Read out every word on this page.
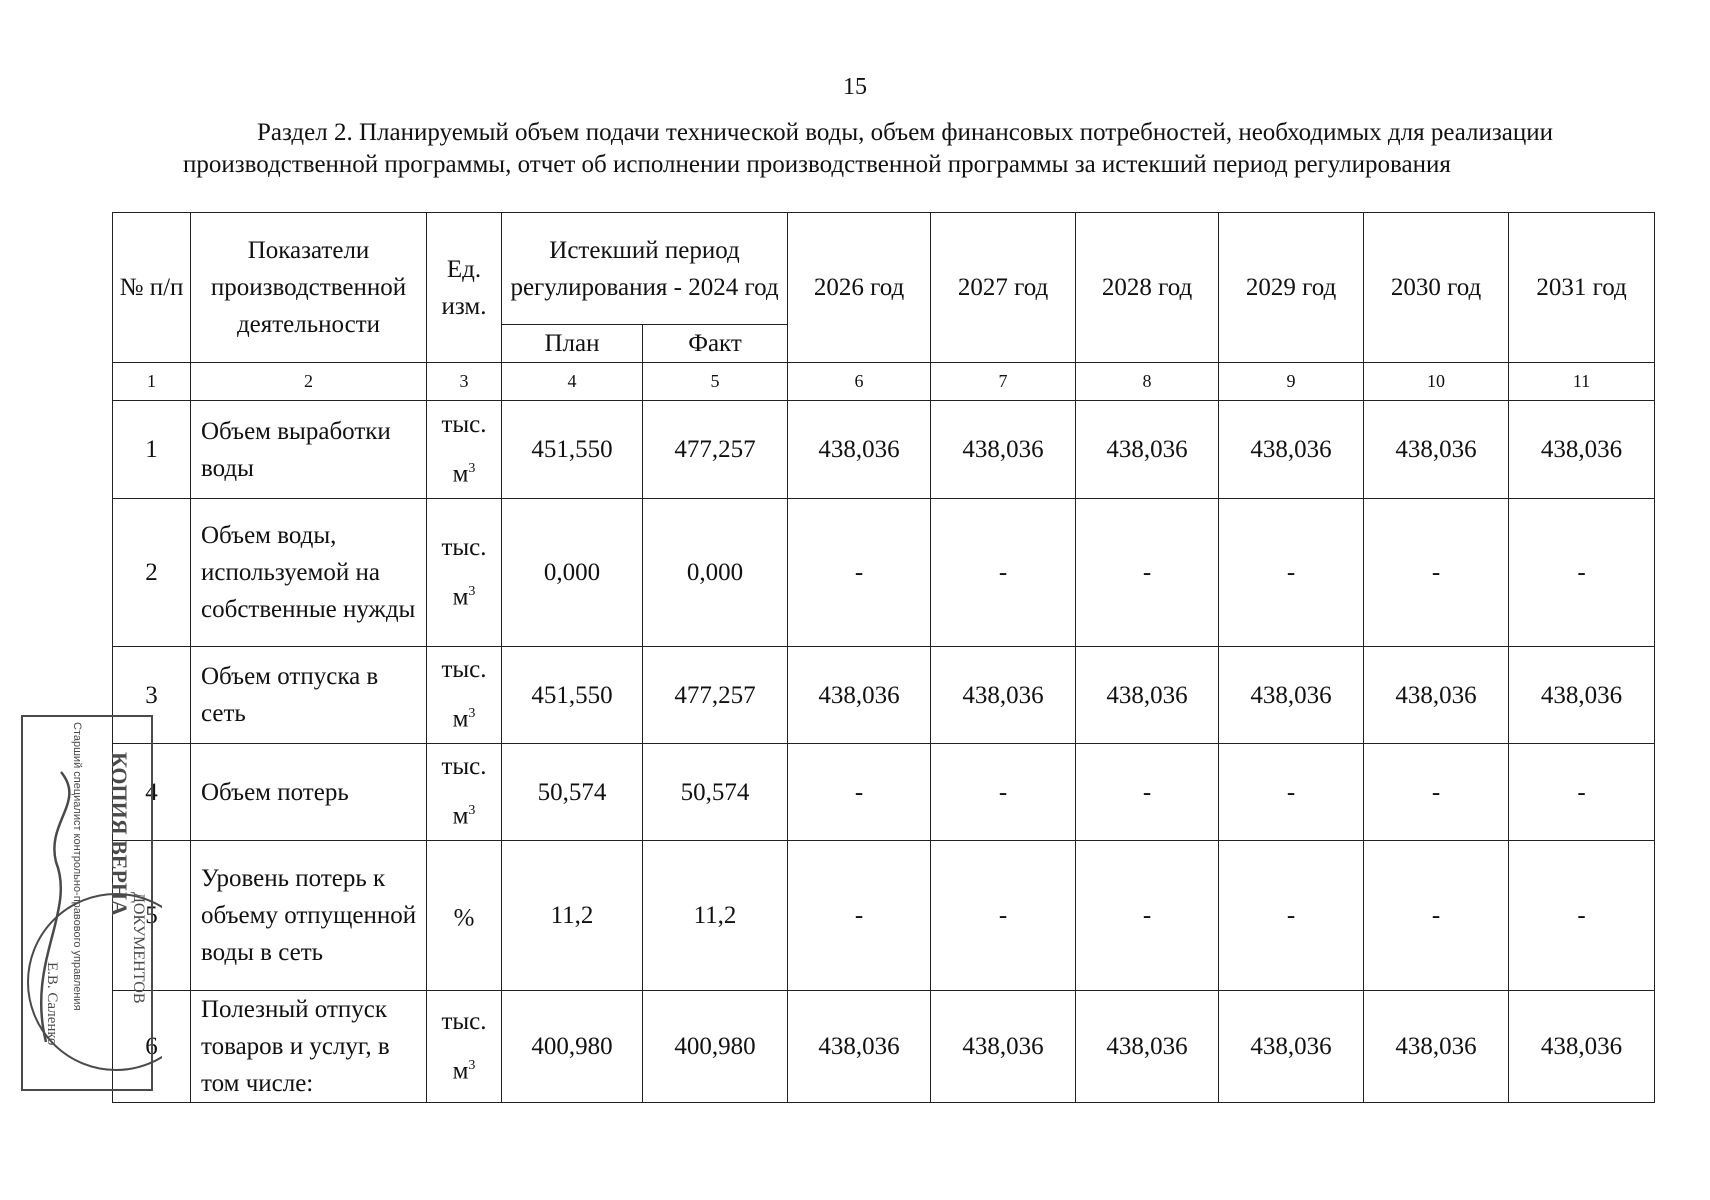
15
Раздел 2. Планируемый объем подачи технической воды, объем финансовых потребностей, необходимых для реализации производственной программы, отчет об исполнении производственной программы за истекший период регулирования
№ п/п	Показатели производственной деятельности	Ед. изм.	Истекший период регулирования - 2024 год		2026 год	2027 год	2028 год	2029 год	2030 год	2031 год
			План	Факт						
1	2	3	4	5	6	7	8	9	10	11
1	Объем выработки воды	тыс. $м^3$	451,550	477,257	438,036	438,036	438,036	438,036	438,036	438,036
2	Объем воды, используемой на собственные нужды	тыс. $м^3$	0,000	0,000	-	-	-	-	-	-
3	Объем отпуска в сеть	тыс. $м^3$	451,550	477,257	438,036	438,036	438,036	438,036	438,036	438,036
4	Объем потерь	тыс. $м^3$	50,574	50,574	-	-	-	-	-	-
5	Уровень потерь к объему отпущенной воды в сеть	%	11,2	11,2	-	-	-	-	-	-
6	Полезный отпуск товаров и услуг, в том числе:	тыс. $м^3$	400,980	400,980	438,036	438,036	438,036	438,036	438,036	438,036
КОПИЯ ВЕРНА
ДОКУМЕНТОВ
Старший специалист контрольно-правового управления
Е.В. Саленко
